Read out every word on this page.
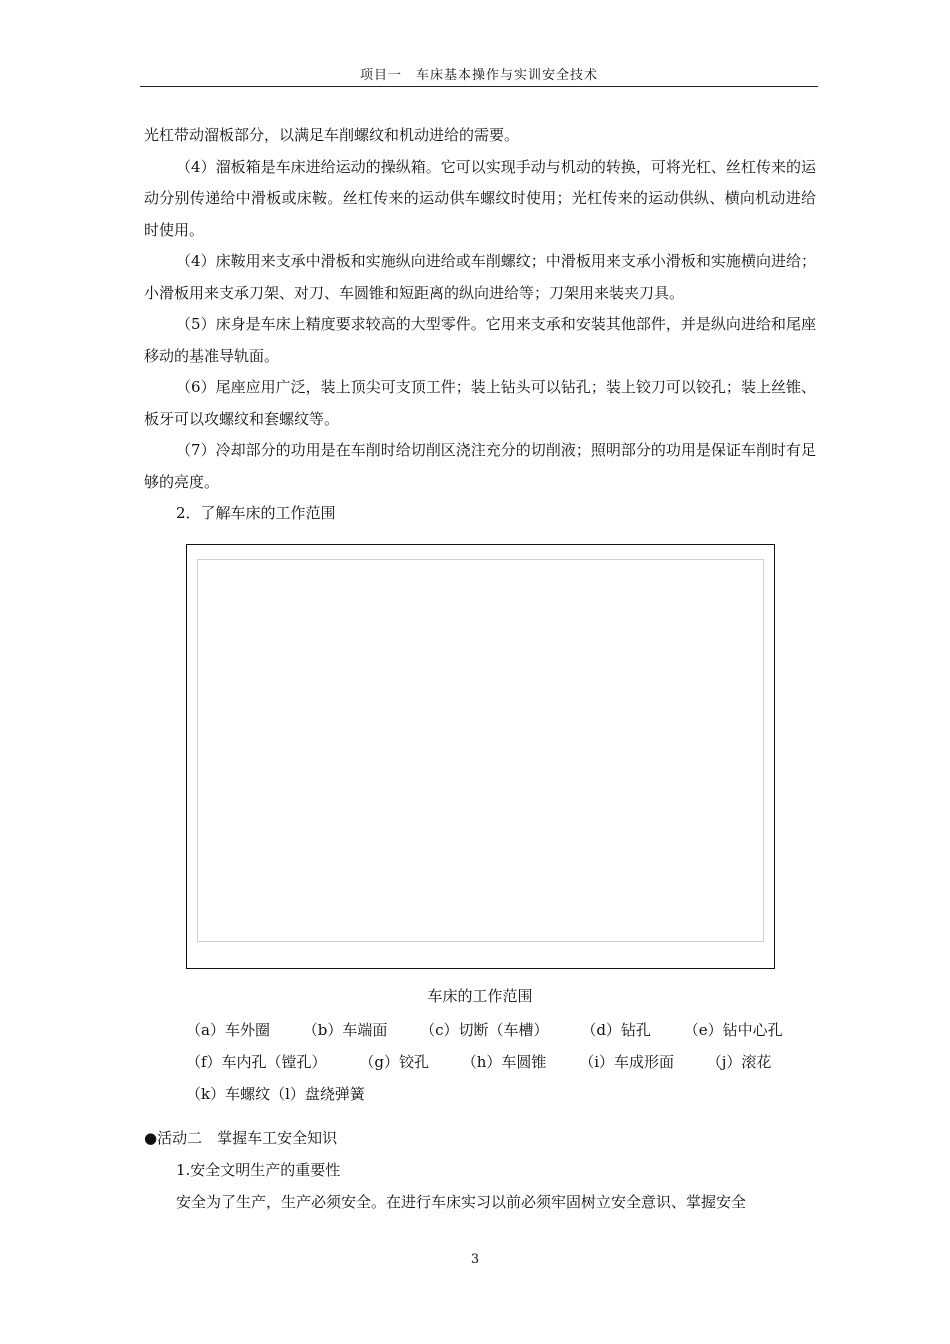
项目一　车床基本操作与实训安全技术

光杠带动溜板部分，以满足车削螺纹和机动进给的需要。

（4）溜板箱是车床进给运动的操纵箱。它可以实现手动与机动的转换，可将光杠、丝杠传来的运动分别传递给中滑板或床鞍。丝杠传来的运动供车螺纹时使用；光杠传来的运动供纵、横向机动进给时使用。

（4）床鞍用来支承中滑板和实施纵向进给或车削螺纹；中滑板用来支承小滑板和实施横向进给；小滑板用来支承刀架、对刀、车圆锥和短距离的纵向进给等；刀架用来装夹刀具。

（5）床身是车床上精度要求较高的大型零件。它用来支承和安装其他部件，并是纵向进给和尾座移动的基准导轨面。

（6）尾座应用广泛，装上顶尖可支顶工件；装上钻头可以钻孔；装上铰刀可以铰孔；装上丝锥、板牙可以攻螺纹和套螺纹等。

（7）冷却部分的功用是在车削时给切削区浇注充分的切削液；照明部分的功用是保证车削时有足够的亮度。

2．了解车床的工作范围

车床的工作范围
（a）车外圈 （b）车端面 （c）切断（车槽） （d）钻孔 （e）钻中心孔
（f）车内孔（镗孔） （g）铰孔 （h）车圆锥 （i）车成形面 （j）滚花
（k）车螺纹（l）盘绕弹簧

●活动二　掌握车工安全知识

1.安全文明生产的重要性

安全为了生产，生产必须安全。在进行车床实习以前必须牢固树立安全意识、掌握安全

3
